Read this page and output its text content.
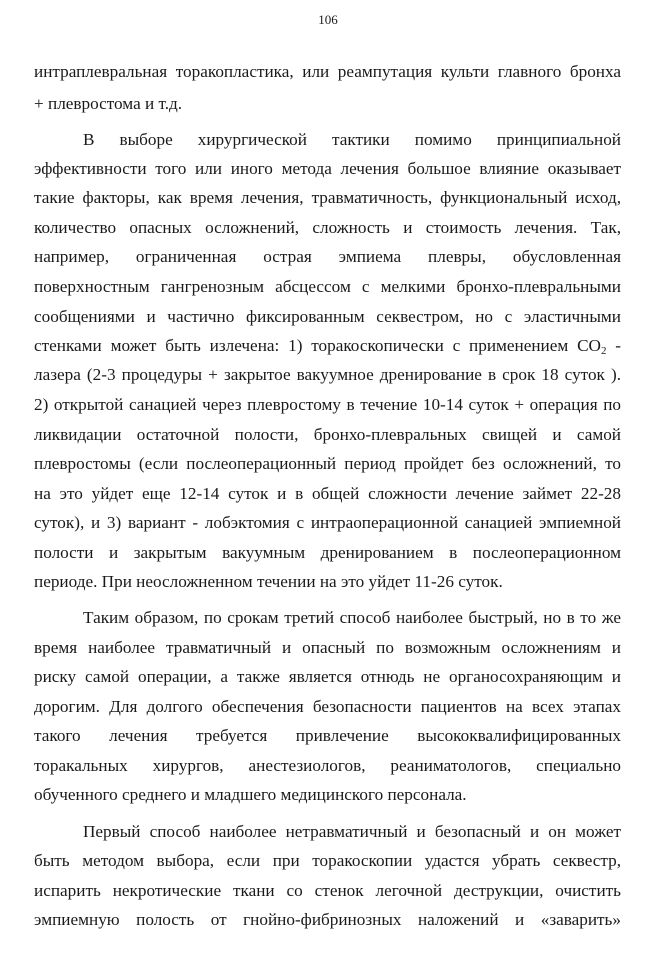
106
интраплевральная торакопластика, или реампутация культи главного бронха
+ плевростома и т.д.
В выборе хирургической тактики помимо принципиальной
эффективности того или иного метода лечения большое влияние оказывает
такие факторы, как время лечения, травматичность, функциональный исход,
количество опасных осложнений, сложность и стоимость лечения. Так,
например, ограниченная острая эмпиема плевры, обусловленная
поверхностным гангренозным абсцессом с мелкими бронхо-плевральными
сообщениями и частично фиксированным секвестром, но с эластичными
стенками может быть излечена: 1) торакоскопически с применением $CO_2$ -
лазера (2-3 процедуры + закрытое вакуумное дренирование в срок 18 суток ).
2) открытой санацией через плевростому в течение 10-14 суток + операция по
ликвидации остаточной полости, бронхо-плевральных свищей и самой
плевростомы (если послеоперационный период пройдет без осложнений, то
на это уйдет еще 12-14 суток и в общей сложности лечение займет 22-28
суток), и 3) вариант - лобэктомия с интраоперационной санацией эмпиемной
полости и закрытым вакуумным дренированием в послеоперационном
периоде. При неосложненном течении на это уйдет 11-26 суток.
Таким образом, по срокам третий способ наиболее быстрый, но в то же
время наиболее травматичный и опасный по возможным осложнениям и
риску самой операции, а также является отнюдь не органосохраняющим и
дорогим. Для долгого обеспечения безопасности пациентов на всех этапах
такого лечения требуется привлечение высококвалифицированных
торакальных хирургов, анестезиологов, реаниматологов, специально
обученного среднего и младшего медицинского персонала.
Первый способ наиболее нетравматичный и безопасный и он может
быть методом выбора, если при торакоскопии удастся убрать секвестр,
испарить некротические ткани со стенок легочной деструкции, очистить
эмпиемную полость от гнойно-фибринозных наложений и «заварить»
